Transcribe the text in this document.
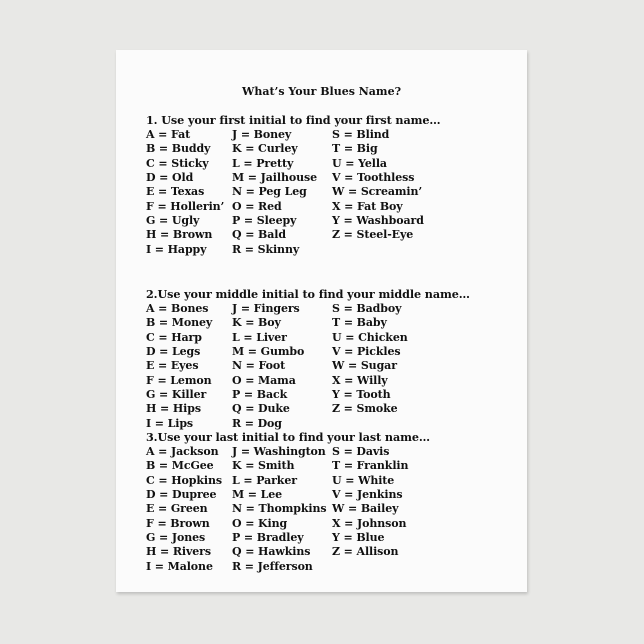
What’s Your Blues Name?
1. Use your first initial to find your first name…
A = Fat
B = Buddy
C = Sticky
D = Old
E = Texas
F = Hollerin’
G = Ugly
H = Brown
I = Happy
J = Boney
K = Curley
L = Pretty
M = Jailhouse
N = Peg Leg
O = Red
P = Sleepy
Q = Bald
R = Skinny
S = Blind
T = Big
U = Yella
V = Toothless
W = Screamin’
X = Fat Boy
Y = Washboard
Z = Steel-Eye
2.Use your middle initial to find your middle name…
A = Bones
B = Money
C = Harp
D = Legs
E = Eyes
F = Lemon
G = Killer
H = Hips
I = Lips
J = Fingers
K = Boy
L = Liver
M = Gumbo
N = Foot
O = Mama
P = Back
Q = Duke
R = Dog
S = Badboy
T = Baby
U = Chicken
V = Pickles
W = Sugar
X = Willy
Y = Tooth
Z = Smoke
3.Use your last initial to find your last name…
A = Jackson
B = McGee
C = Hopkins
D = Dupree
E = Green
F = Brown
G = Jones
H = Rivers
I = Malone
J = Washington
K = Smith
L = Parker
M = Lee
N = Thompkins
O = King
P = Bradley
Q = Hawkins
R = Jefferson
S = Davis
T = Franklin
U = White
V = Jenkins
W = Bailey
X = Johnson
Y = Blue
Z = Allison
